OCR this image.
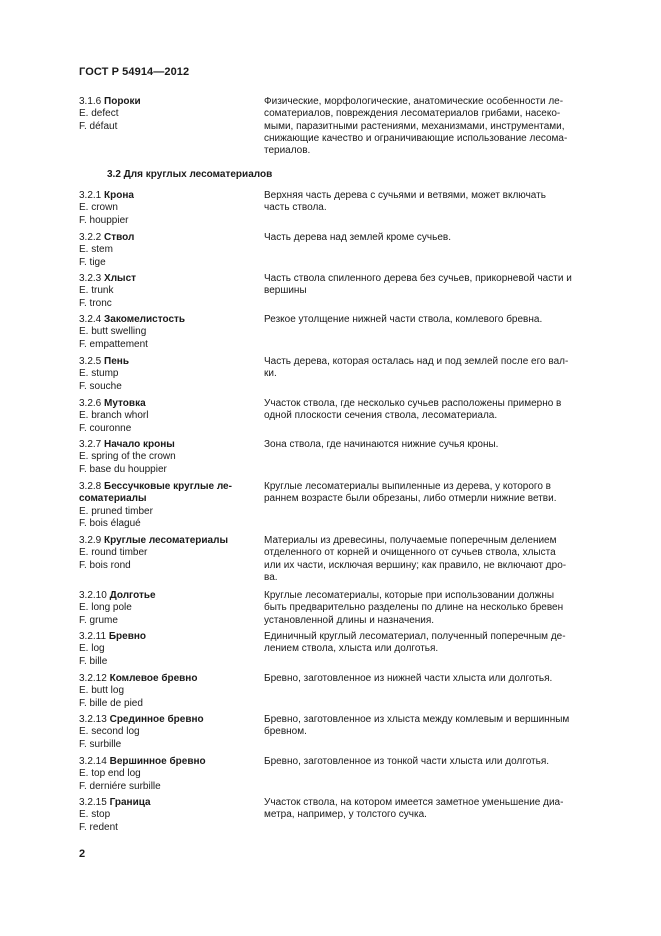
ГОСТ Р 54914—2012
3.2 Для круглых лесоматериалов
3.1.6 Пороки
E. defect
F. défaut
Физические, морфологические, анатомические особенности ле-
соматериалов, повреждения лесоматериалов грибами, насеко-
мыми, паразитными растениями, механизмами, инструментами,
снижающие качество и ограничивающие использование лесома-
териалов.
3.2.1 Крона
E. crown
F. houppier
Верхняя часть дерева с сучьями и ветвями, может включать
часть ствола.
3.2.2 Ствол
E. stem
F. tige
Часть дерева над землей кроме сучьев.
3.2.3 Хлыст
E. trunk
F. tronc
Часть ствола спиленного дерева без сучьев, прикорневой части и
вершины
3.2.4 Закомелистость
E. butt swelling
F. empattement
Резкое утолщение нижней части ствола, комлевого бревна.
3.2.5 Пень
E. stump
F. souche
Часть дерева, которая осталась над и под землей после его вал-
ки.
3.2.6 Мутовка
E. branch whorl
F. couronne
Участок ствола, где несколько сучьев расположены примерно в
одной плоскости сечения ствола, лесоматериала.
3.2.7 Начало кроны
E. spring of the crown
F. base du houppier
Зона ствола, где начинаются нижние сучья кроны.
3.2.8 Бессучковые круглые ле-
соматериалы
E. pruned timber
F. bois élagué
Круглые лесоматериалы выпиленные из дерева, у которого в
раннем возрасте были обрезаны, либо отмерли нижние ветви.
3.2.9 Круглые лесоматериалы
E. round timber
F. bois rond
Материалы из древесины, получаемые поперечным делением
отделенного от корней и очищенного от сучьев ствола, хлыста
или их части, исключая вершину; как правило, не включают дро-
ва.
3.2.10 Долготье
E. long pole
F. grume
Круглые лесоматериалы, которые при использовании должны
быть предварительно разделены по длине на несколько бревен
установленной длины и назначения.
3.2.11 Бревно
E. log
F. bille
Единичный круглый лесоматериал, полученный поперечным де-
лением ствола, хлыста или долготья.
3.2.12 Комлевое бревно
E. butt log
F. bille de pied
Бревно, заготовленное из нижней части хлыста или долготья.
3.2.13 Срединное бревно
E. second log
F. surbille
Бревно, заготовленное из хлыста между комлевым и вершинным
бревном.
3.2.14 Вершинное бревно
E. top end log
F. derniére surbille
Бревно, заготовленное из тонкой части хлыста или долготья.
3.2.15 Граница
E. stop
F. redent
Участок ствола, на котором имеется заметное уменьшение диа-
метра, например, у толстого сучка.
2
